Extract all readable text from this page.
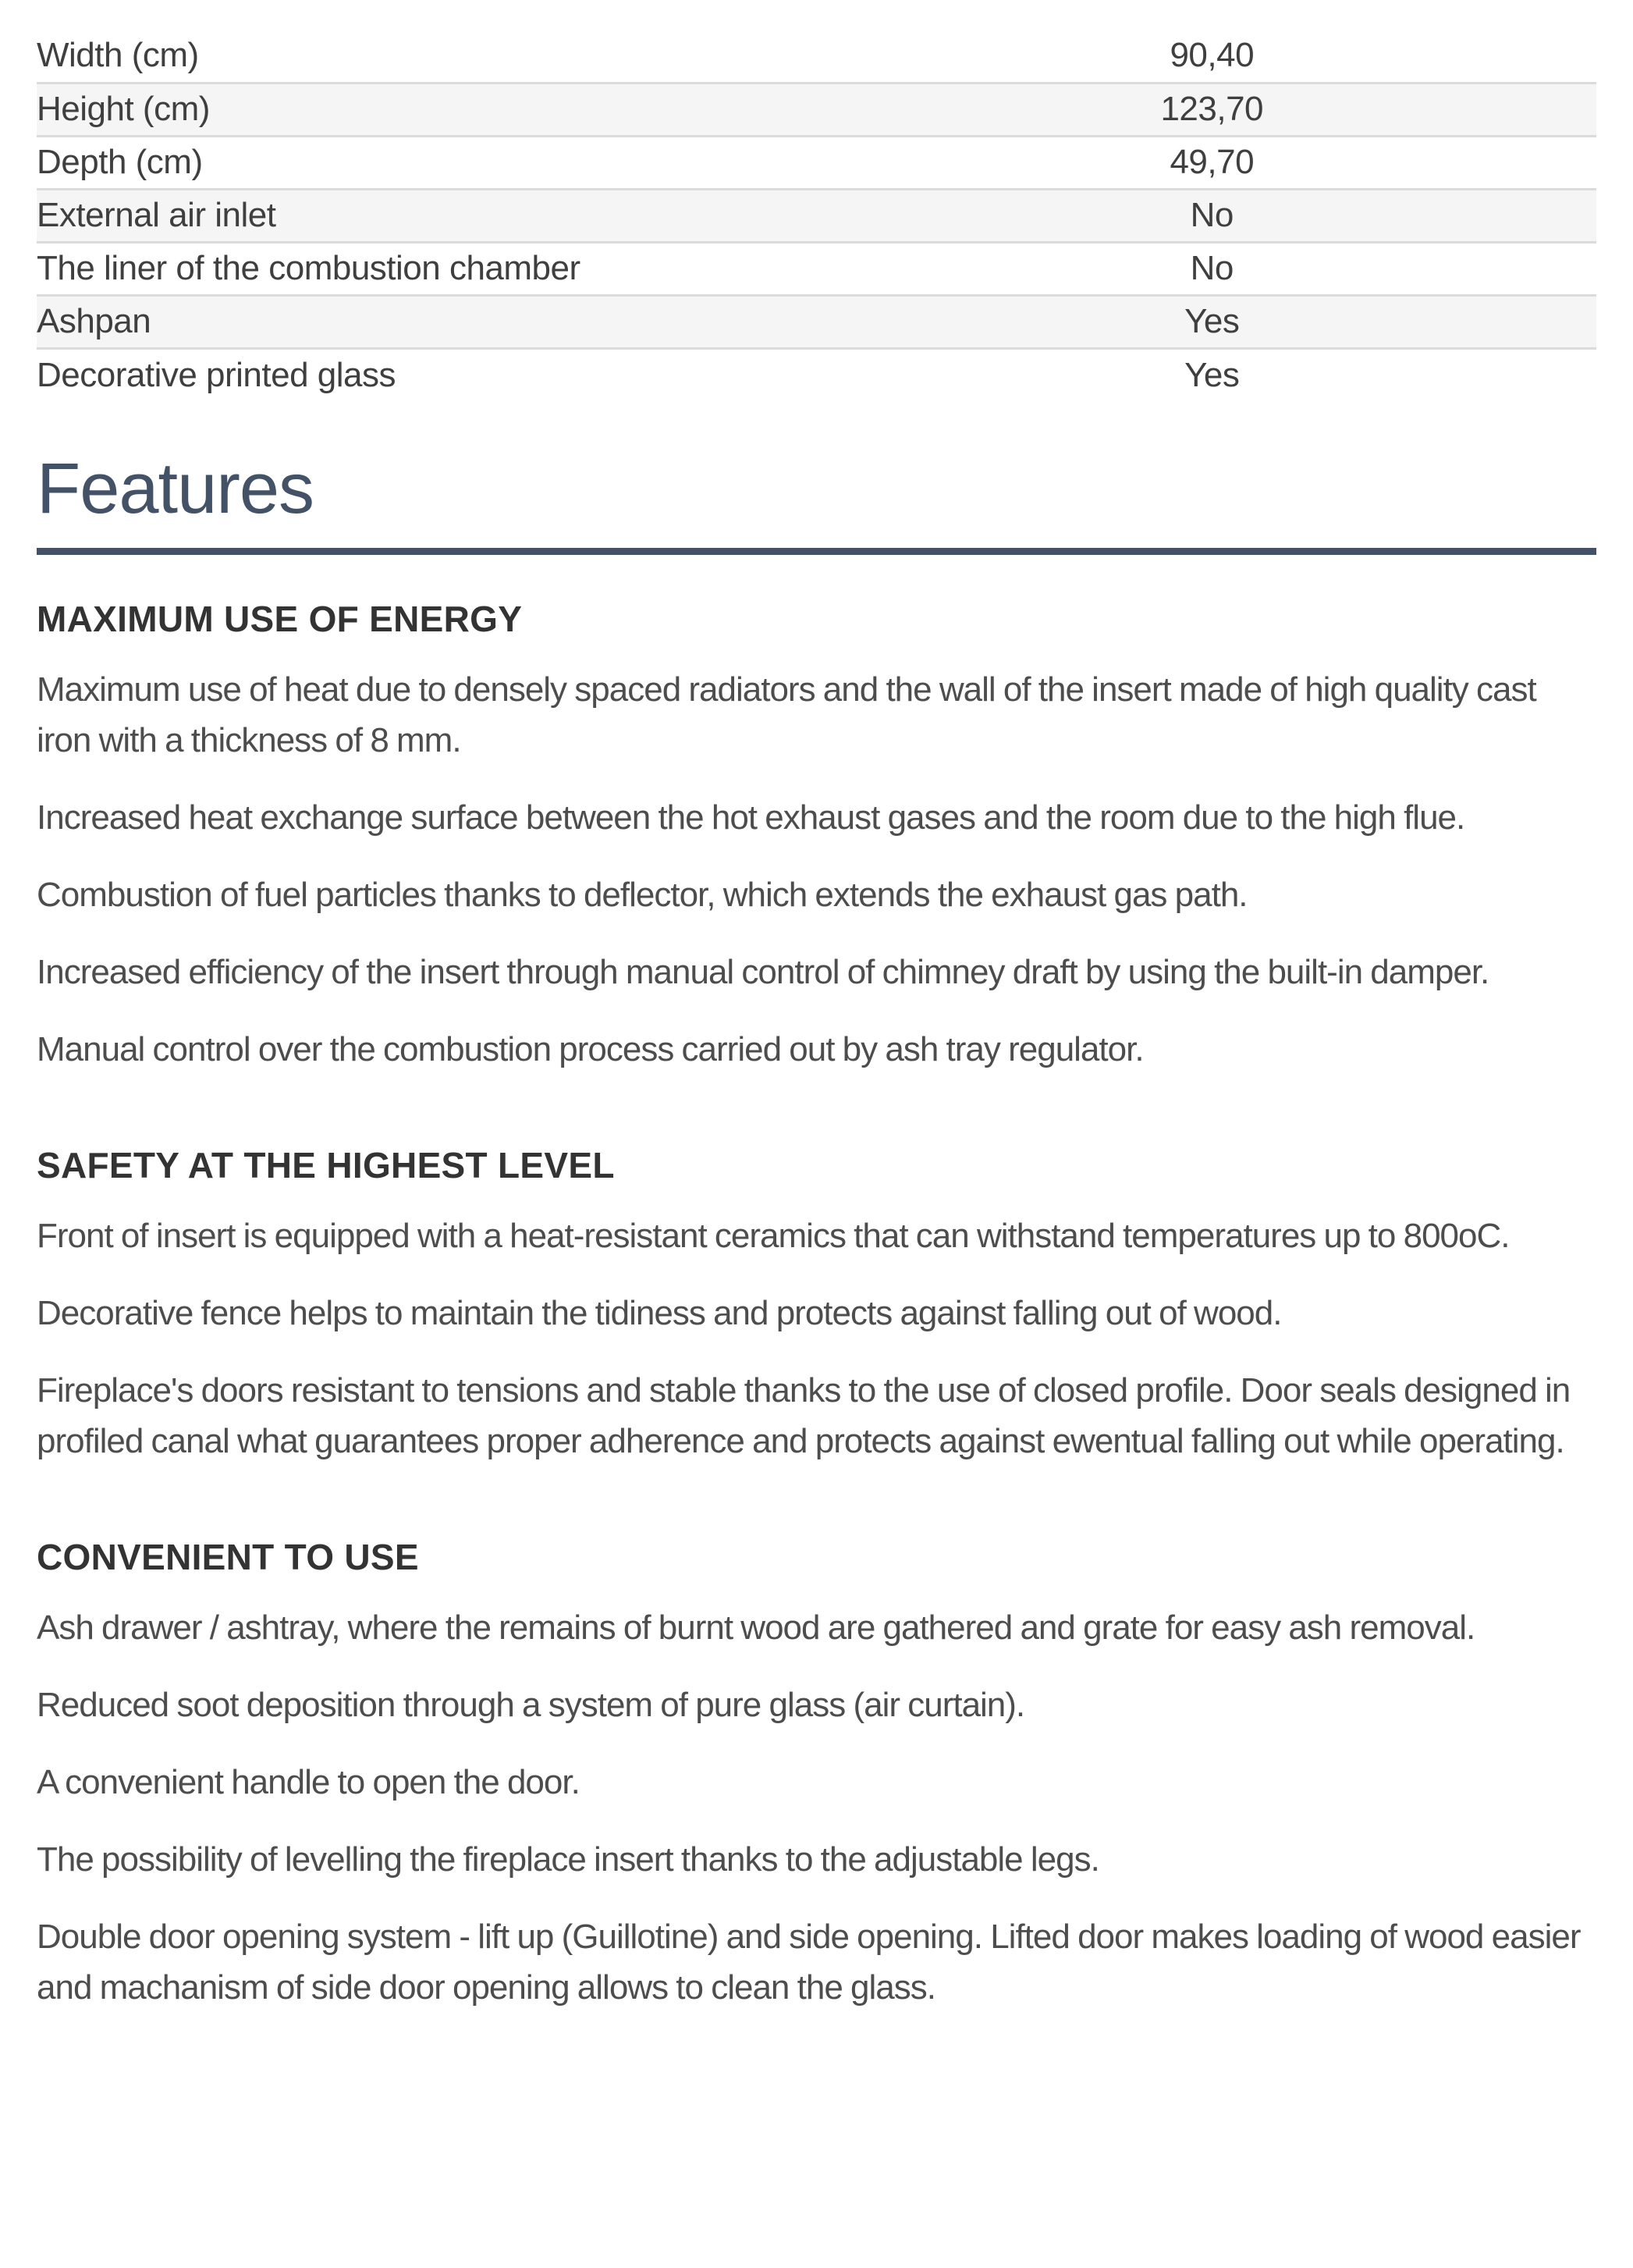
Width (cm)	90,40
Height (cm)	123,70
Depth (cm)	49,70
External air inlet	No
The liner of the combustion chamber	No
Ashpan	Yes
Decorative printed glass	Yes
Features
MAXIMUM USE OF ENERGY

Maximum use of heat due to densely spaced radiators and the wall of the insert made of high quality cast iron with a thickness of 8 mm.

Increased heat exchange surface between the hot exhaust gases and the room due to the high flue.

Combustion of fuel particles thanks to deflector, which extends the exhaust gas path.

Increased efficiency of the insert through manual control of chimney draft by using the built-in damper.

Manual control over the combustion process carried out by ash tray regulator.

SAFETY AT THE HIGHEST LEVEL

Front of insert is equipped with a heat-resistant ceramics that can withstand temperatures up to 800oC.

Decorative fence helps to maintain the tidiness and protects against falling out of wood.

Fireplace's doors resistant to tensions and stable thanks to the use of closed profile. Door seals designed in profiled canal what guarantees proper adherence and protects against ewentual falling out while operating.

CONVENIENT TO USE

Ash drawer / ashtray, where the remains of burnt wood are gathered and grate for easy ash removal.

Reduced soot deposition through a system of pure glass (air curtain).

A convenient handle to open the door.

The possibility of levelling the fireplace insert thanks to the adjustable legs.

Double door opening system - lift up (Guillotine) and side opening. Lifted door makes loading of wood easier and machanism of side door opening allows to clean the glass.
